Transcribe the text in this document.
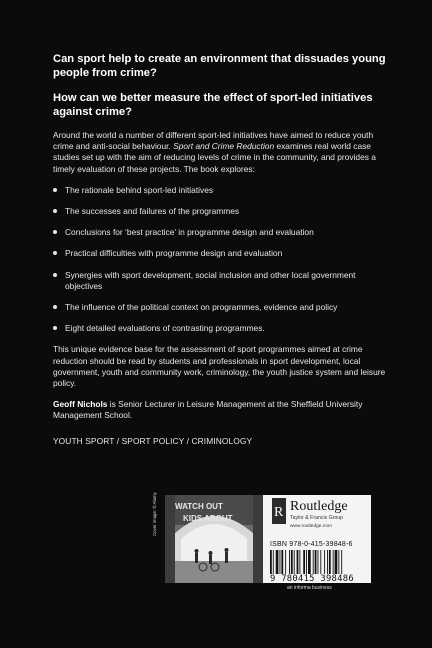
Can sport help to create an environment that dissuades young people from crime?

How can we better measure the effect of sport-led initiatives against crime?

Around the world a number of different sport-led initiatives have aimed to reduce youth crime and anti-social behaviour. Sport and Crime Reduction examines real world case studies set up with the aim of reducing levels of crime in the community, and provides a timely evaluation of these projects. The book explores:

The rationale behind sport-led initiatives
The successes and failures of the programmes
Conclusions for ‘best practice’ in programme design and evaluation
Practical difficulties with programme design and evaluation
Synergies with sport development, social inclusion and other local government objectives
The influence of the political context on programmes, evidence and policy
Eight detailed evaluations of contrasting programmes.

This unique evidence base for the assessment of sport programmes aimed at crime reduction should be read by students and professionals in sport development, local government, youth and community work, criminology, the youth justice system and leisure policy.

Geoff Nichols is Senior Lecturer in Leisure Management at the Sheffield University Management School.

YOUTH SPORT / SPORT POLICY / CRIMINOLOGY
WATCH OUT
KIDS ABOUT
Cover image: © Alamy	R Routledge
Taylor & Francis Group
www.routledge.com
ISBN 978-0-415-39848-6
9 780415 398486
an informa business
